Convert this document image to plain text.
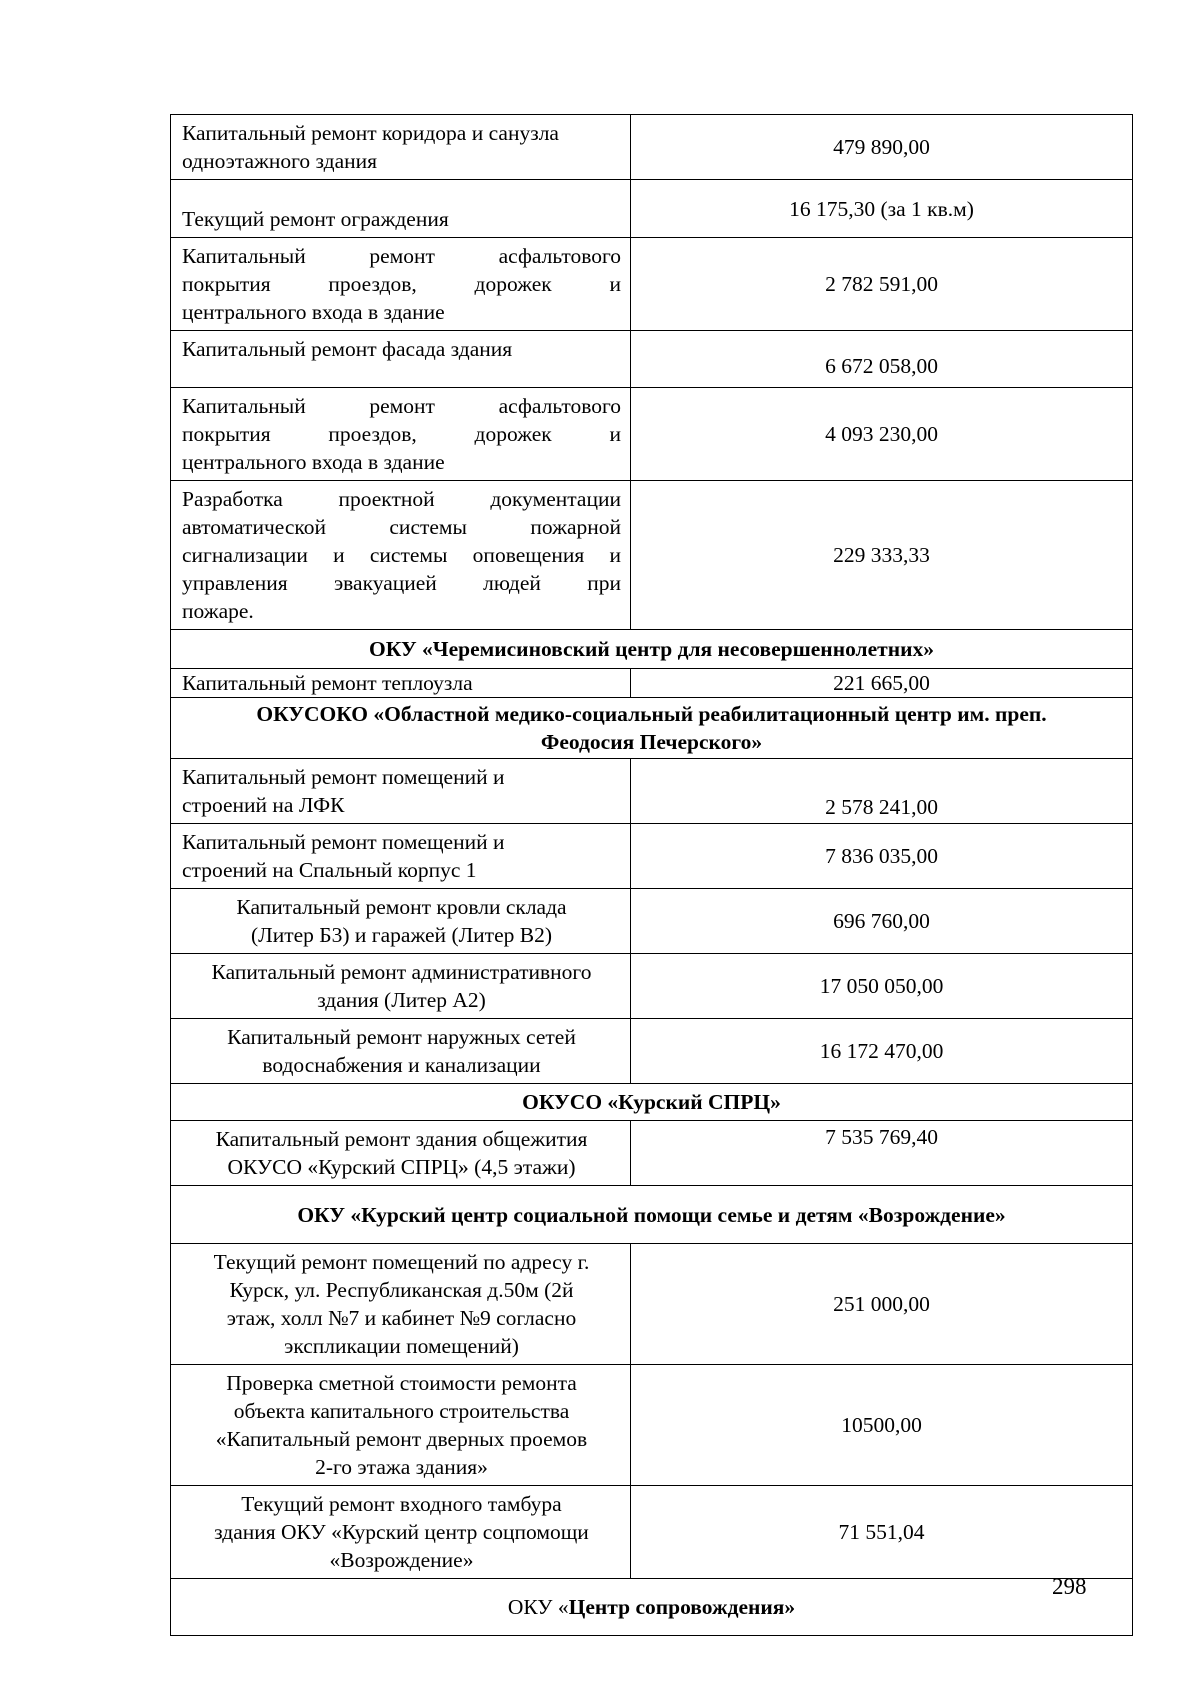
Капитальный ремонт коридора и санузла
одноэтажного здания	479 890,00
Текущий ремонт ограждения	16 175,30 (за 1 кв.м)

Капитальный ремонт асфальтового
покрытия проездов, дорожек и
центрального входа в здание	2 782 591,00
Капитальный ремонт фасада здания	6 672 058,00

Капитальный ремонт асфальтового
покрытия проездов, дорожек и
центрального входа в здание	4 093 230,00

Разработка проектной документации
автоматической системы пожарной
сигнализации и системы оповещения и
управления эвакуацией людей при
пожаре.	229 333,33
ОКУ «Черемисиновский центр для несовершеннолетних»	
Капитальный ремонт теплоузла	221 665,00

ОКУСОКО «Областной медико-социальный реабилитационный центр им. преп.
Феодосия Печерского»	

Капитальный ремонт помещений и
строений на ЛФК	2 578 241,00

Капитальный ремонт помещений и
строений на Спальный корпус 1	7 836 035,00

Капитальный ремонт кровли склада
(Литер Б3) и гаражей (Литер В2)	696 760,00

Капитальный ремонт административного
здания (Литер А2)	17 050 050,00

Капитальный ремонт наружных сетей
водоснабжения и канализации	16 172 470,00
ОКУСО «Курский СПРЦ»	

Капитальный ремонт здания общежития
ОКУСО «Курский СПРЦ» (4,5 этажи)	7 535 769,40
ОКУ «Курский центр социальной помощи семье и детям «Возрождение»	

Текущий ремонт помещений по адресу г.
Курск, ул. Республиканская д.50м (2й
этаж, холл №7 и кабинет №9 согласно
экспликации помещений)	251 000,00

Проверка сметной стоимости ремонта
объекта капитального строительства
«Капитальный ремонт дверных проемов
2-го этажа здания»	10500,00

Текущий ремонт входного тамбура
здания ОКУ «Курский центр соцпомощи
«Возрождение»	71 551,04
ОКУ «Центр сопровождения»	
298
